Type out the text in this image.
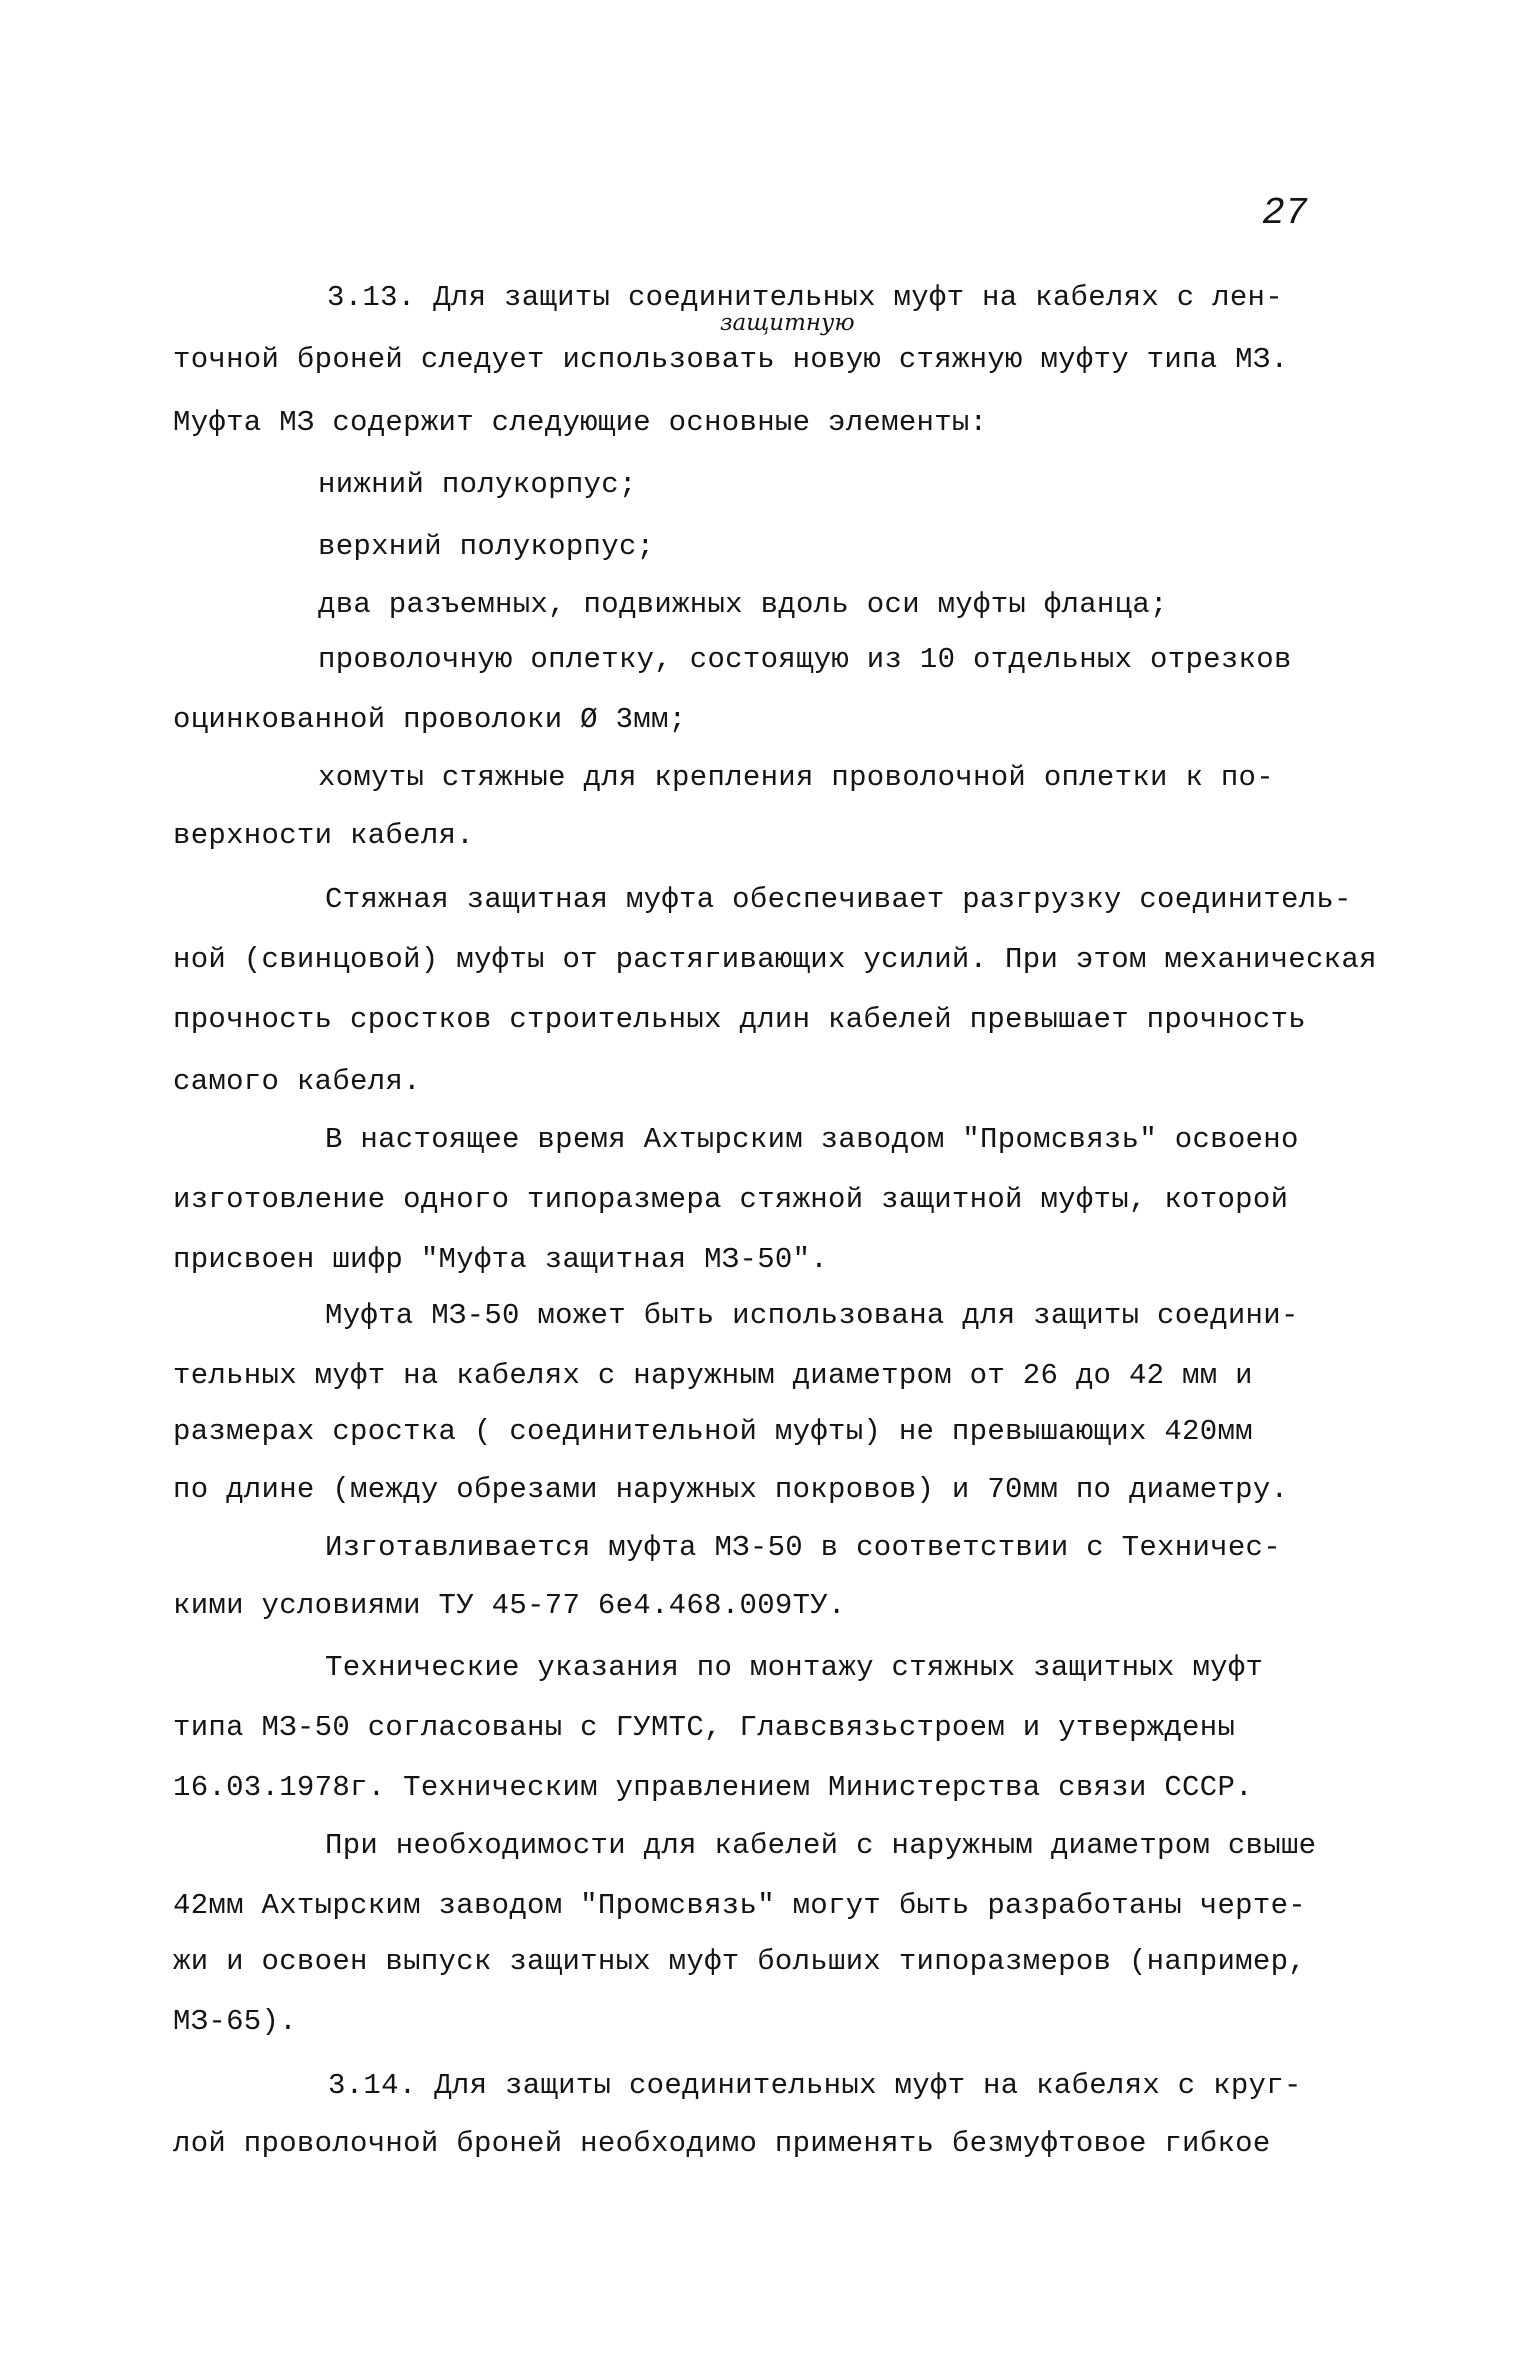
27
защитную
3.13. Для защиты соединительных муфт на кабелях с лен-
точной броней следует использовать новую стяжную муфту типа МЗ.
Муфта МЗ содержит следующие основные элементы:
нижний полукорпус;
верхний полукорпус;
два разъемных, подвижных вдоль оси муфты фланца;
проволочную оплетку, состоящую из 10 отдельных отрезков
оцинкованной проволоки Ø 3мм;
хомуты стяжные для крепления проволочной оплетки к по-
верхности кабеля.
Стяжная защитная муфта обеспечивает разгрузку соединитель-
ной (свинцовой) муфты от растягивающих усилий. При этом механическая
прочность сростков строительных длин кабелей превышает прочность
самого кабеля.
В настоящее время Ахтырским заводом "Промсвязь" освоено
изготовление одного типоразмера стяжной защитной муфты, которой
присвоен шифр "Муфта защитная МЗ-50".
Муфта МЗ-50 может быть использована для защиты соедини-
тельных муфт на кабелях с наружным диаметром от 26 до 42 мм и
размерах сростка ( соединительной муфты) не превышающих 420мм
по длине (между обрезами наружных покровов) и 70мм по диаметру.
Изготавливается муфта МЗ-50 в соответствии с Техничес-
кими условиями ТУ 45-77 6е4.468.009ТУ.
Технические указания по монтажу стяжных защитных муфт
типа МЗ-50 согласованы с ГУМТС, Главсвязьстроем и утверждены
16.03.1978г. Техническим управлением Министерства связи СССР.
При необходимости для кабелей с наружным диаметром свыше
42мм Ахтырским заводом "Промсвязь" могут быть разработаны черте-
жи и освоен выпуск защитных муфт больших типоразмеров (например,
МЗ-65).
3.14. Для защиты соединительных муфт на кабелях с круг-
лой проволочной броней необходимо применять безмуфтовое гибкое
